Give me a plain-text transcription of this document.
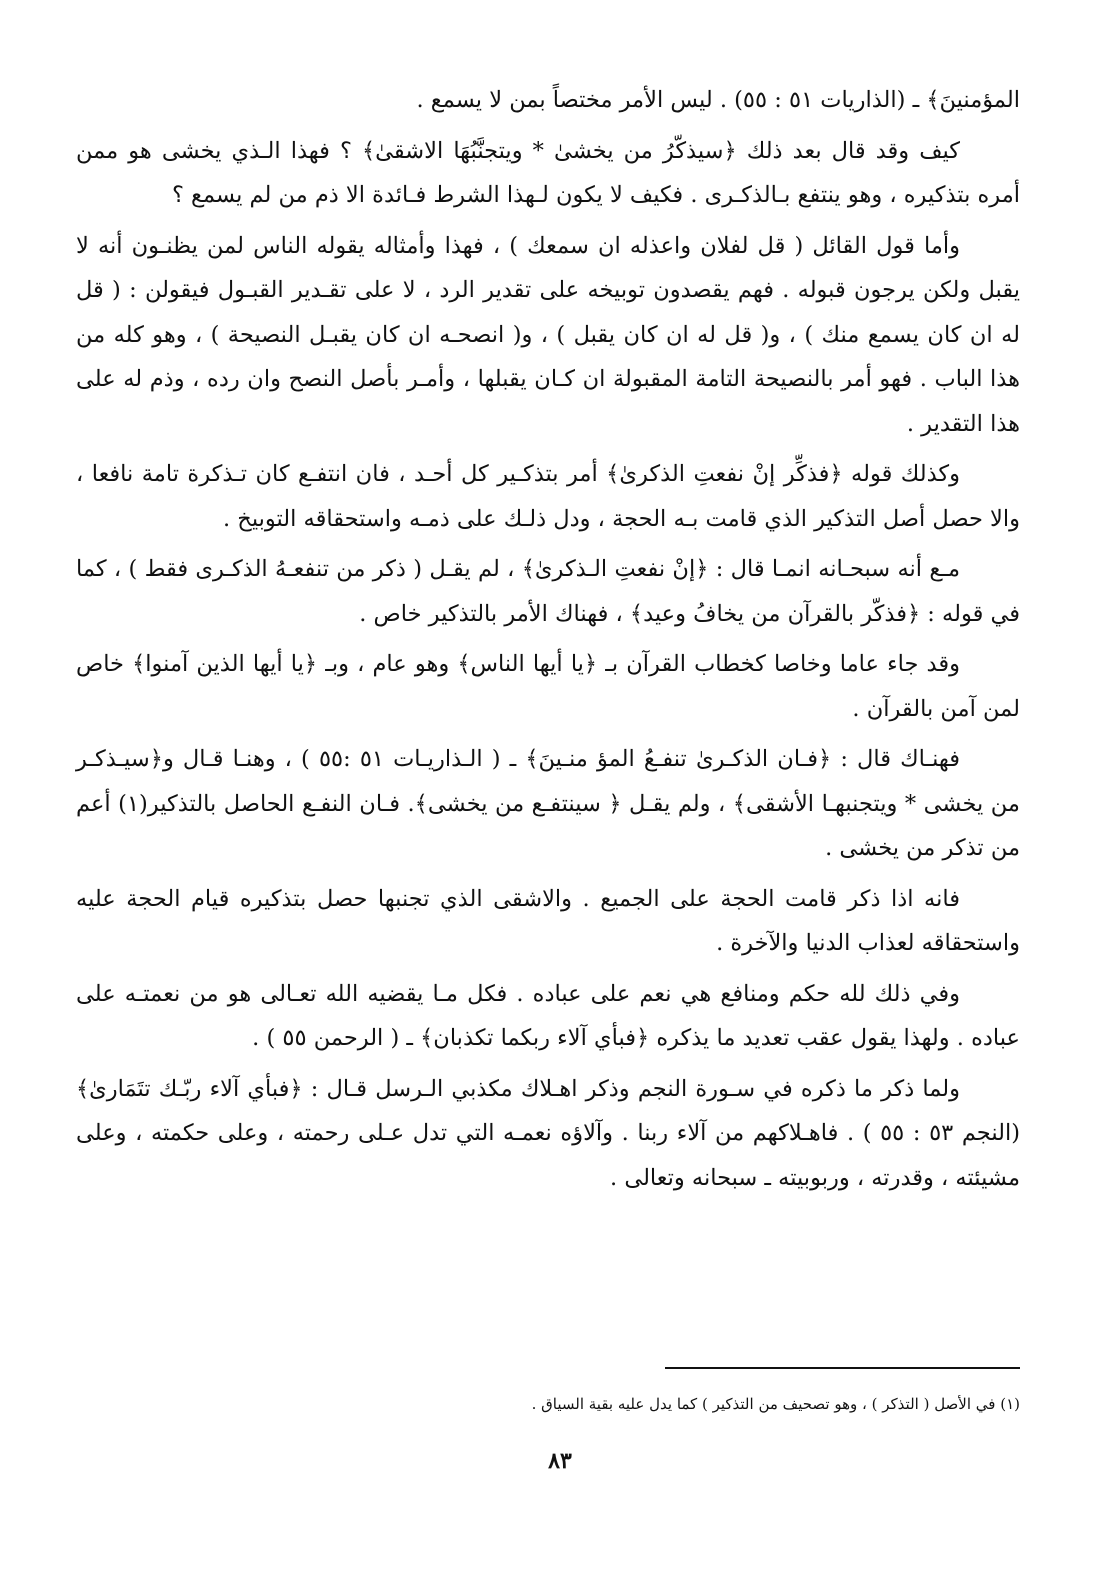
المؤمنينَ﴾ ـ (الذاريات ٥١ : ٥٥) . ليس الأمر مختصاً بمن لا يسمع .

كيف وقد قال بعد ذلك ﴿سيذكّرُ من يخشىٰ * ويتجنَّبُهَا الاشقىٰ﴾ ؟ فهذا الـذي يخشى هو ممن أمره بتذكيره ، وهو ينتفع بـالذكـرى . فكيف لا يكون لـهذا الشرط فـائدة الا ذم من لم يسمع ؟

وأما قول القائل ( قل لفلان واعذله ان سمعك ) ، فهذا وأمثاله يقوله الناس لمن يظنـون أنه لا يقبل ولكن يرجون قبوله . فهم يقصدون توبيخه على تقدير الرد ، لا على تقـدير القبـول فيقولن : ( قل له ان كان يسمع منك ) ، و( قل له ان كان يقبل ) ، و( انصحـه ان كان يقبـل النصيحة ) ، وهو كله من هذا الباب . فهو أمر بالنصيحة التامة المقبولة ان كـان يقبلها ، وأمـر بأصل النصح وان رده ، وذم له على هذا التقدير .

وكذلك قوله ﴿فذكِّر إنْ نفعتِ الذكرىٰ﴾ أمر بتذكـير كل أحـد ، فان انتفـع كان تـذكرة تامة نافعا ، والا حصل أصل التذكير الذي قامت بـه الحجة ، ودل ذلـك على ذمـه واستحقاقه التوبيخ .

مـع أنه سبحـانه انمـا قال : ﴿إنْ نفعتِ الـذكرىٰ﴾ ، لم يقـل ( ذكر من تنفعـهُ الذكـرى فقط ) ، كما في قوله : ﴿فذكّر بالقرآن من يخافُ وعيد﴾ ، فهناك الأمر بالتذكير خاص .

وقد جاء عاما وخاصا كخطاب القرآن بـ ﴿يا أيها الناس﴾ وهو عام ، وبـ ﴿يا أيها الذين آمنوا﴾ خاص لمن آمن بالقرآن .

فهنـاك قال : ﴿فـان الذكـرىٰ تنفـعُ المؤ منـينَ﴾ ـ ( الـذاريـات ٥١ :٥٥ ) ، وهنـا قـال و﴿سيـذكـر من يخشى * ويتجنبهـا الأشقى﴾ ، ولم يقـل ﴿ سينتفـع من يخشى﴾. فـان النفـع الحاصل بالتذكير(١) أعم من تذكر من يخشى .

فانه اذا ذكر قامت الحجة على الجميع . والاشقى الذي تجنبها حصل بتذكيره قيام الحجة عليه واستحقاقه لعذاب الدنيا والآخرة .

وفي ذلك لله حكم ومنافع هي نعم على عباده . فكل مـا يقضيه الله تعـالى هو من نعمتـه على عباده . ولهذا يقول عقب تعديد ما يذكره ﴿فبأي آلاء ربكما تكذبان﴾ ـ ( الرحمن ٥٥ ) .

ولما ذكر ما ذكره في سـورة النجم وذكر اهـلاك مكذبي الـرسل قـال : ﴿فبأي آلاء ربّـك تتَمَارىٰ﴾(النجم ٥٣ : ٥٥ ) . فاهـلاكهم من آلاء ربنا . وآلاؤه نعمـه التي تدل عـلى رحمته ، وعلى حكمته ، وعلى مشيئته ، وقدرته ، وربوبيته ـ سبحانه وتعالى .

(١) في الأصل ( التذكر ) ، وهو تصحيف من التذكير ) كما يدل عليه بقية السياق .
٨٣
